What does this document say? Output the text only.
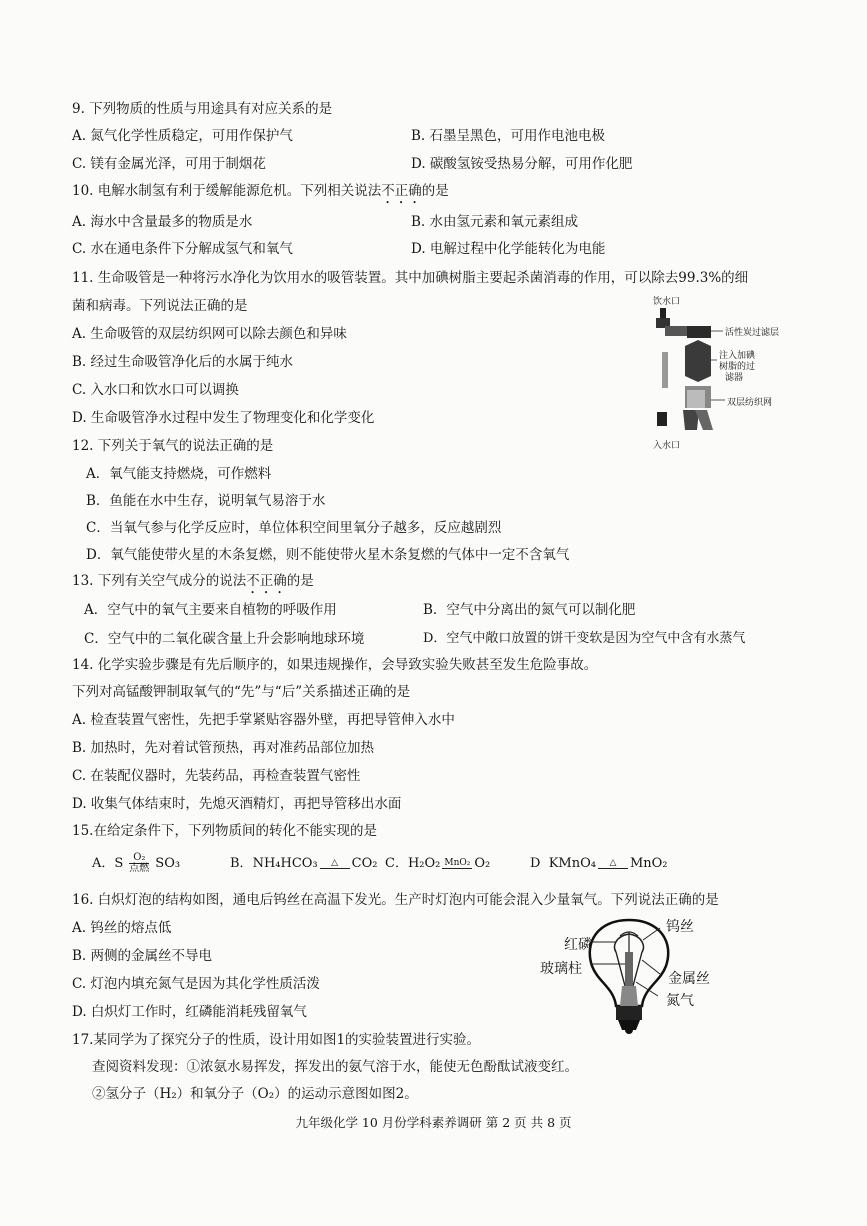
9. 下列物质的性质与用途具有对应关系的是
A. 氮气化学性质稳定，可用作保护气	B. 石墨呈黑色，可用作电池电极
C. 镁有金属光泽，可用于制烟花	D. 碳酸氢铵受热易分解，可用作化肥
10. 电解水制氢有利于缓解能源危机。下列相关说法不正确的是
A. 海水中含量最多的物质是水	B. 水由氢元素和氧元素组成
C. 水在通电条件下分解成氢气和氧气	D. 电解过程中化学能转化为电能
11. 生命吸管是一种将污水净化为饮用水的吸管装置。其中加碘树脂主要起杀菌消毒的作用，可以除去99.3%的细
菌和病毒。下列说法正确的是
A. 生命吸管的双层纺织网可以除去颜色和异味
B. 经过生命吸管净化后的水属于纯水
C. 入水口和饮水口可以调换
D. 生命吸管净水过程中发生了物理变化和化学变化
饮水口
活性炭过滤层
注入加碘
树脂的过
滤器
双层纺织网
入水口
12. 下列关于氧气的说法正确的是
A．氧气能支持燃烧，可作燃料
B．鱼能在水中生存，说明氧气易溶于水
C．当氧气参与化学反应时，单位体积空间里氧分子越多，反应越剧烈
D．氧气能使带火星的木条复燃，则不能使带火星木条复燃的气体中一定不含氧气
13. 下列有关空气成分的说法不正确的是
A．空气中的氧气主要来自植物的呼吸作用	B．空气中分离出的氮气可以制化肥
C．空气中的二氧化碳含量上升会影响地球环境	D．空气中敞口放置的饼干变软是因为空气中含有水蒸气
14. 化学实验步骤是有先后顺序的，如果违规操作，会导致实验失败甚至发生危险事故。
下列对高锰酸钾制取氧气的“先”与“后”关系描述正确的是
A. 检查装置气密性，先把手掌紧贴容器外壁，再把导管伸入水中
B. 加热时，先对着试管预热，再对准药品部位加热
C. 在装配仪器时，先装药品，再检查装置气密性
D. 收集气体结束时，先熄灭酒精灯，再把导管移出水面
15.在给定条件下，下列物质间的转化不能实现的是
A．S O₂
点燃 SO₃	B．NH₄HCO₃ △ CO₂ C．H₂O₂ MnO₂ O₂	D KMnO₄ △ MnO₂
16. 白炽灯泡的结构如图，通电后钨丝在高温下发光。生产时灯泡内可能会混入少量氧气。下列说法正确的是
A. 钨丝的熔点低
B. 两侧的金属丝不导电
C. 灯泡内填充氮气是因为其化学性质活泼
D. 白炽灯工作时，红磷能消耗残留氧气
红磷
玻璃柱
钨丝
金属丝
氮气
17.某同学为了探究分子的性质，设计用如图1的实验装置进行实验。
查阅资料发现：①浓氨水易挥发，挥发出的氨气溶于水，能使无色酚酞试液变红。
②氢分子（H₂）和氧分子（O₂）的运动示意图如图2。
九年级化学 10 月份学科素养调研 第 2 页 共 8 页
